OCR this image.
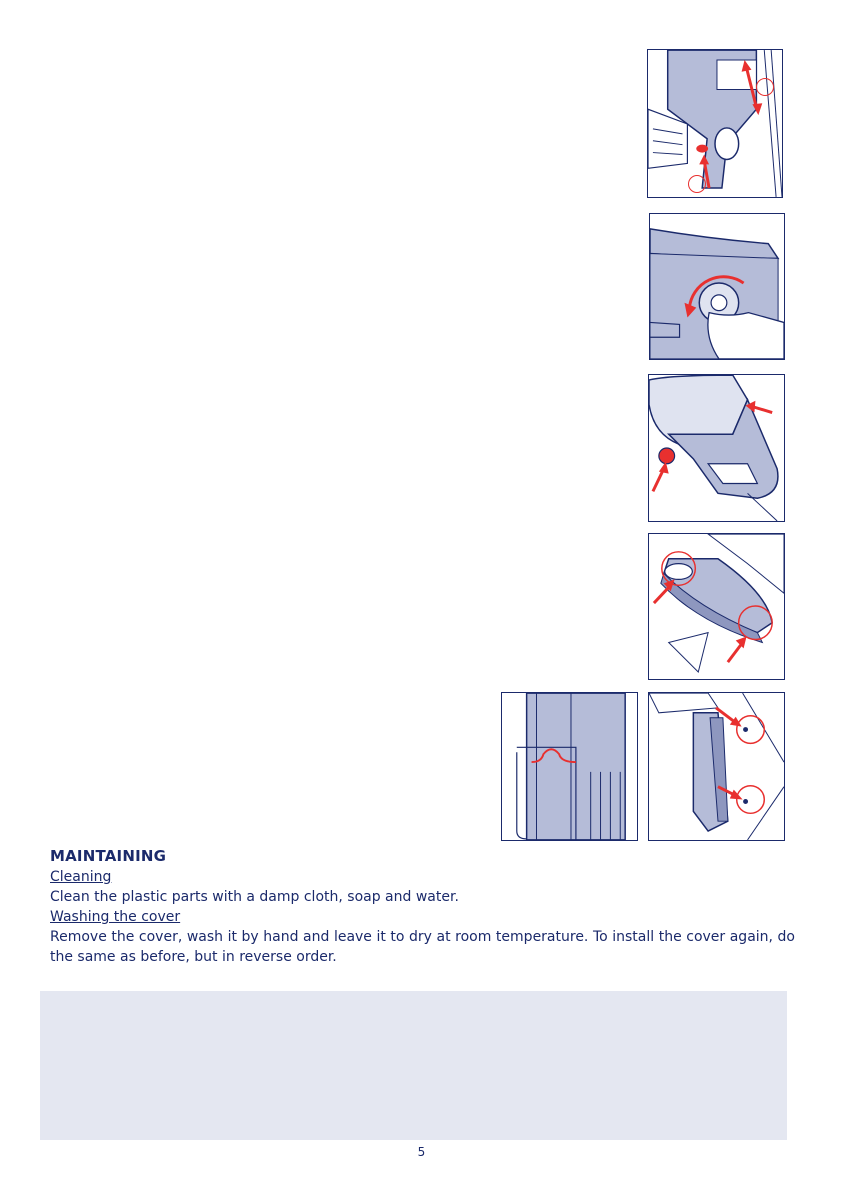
MAINTAINING

Cleaning

Clean the plastic parts with a damp cloth, soap and water.

Washing the cover

Remove the cover, wash it by hand and leave it to dry at room temperature. To install the cover again, do the same as before, but in reverse order.

5
